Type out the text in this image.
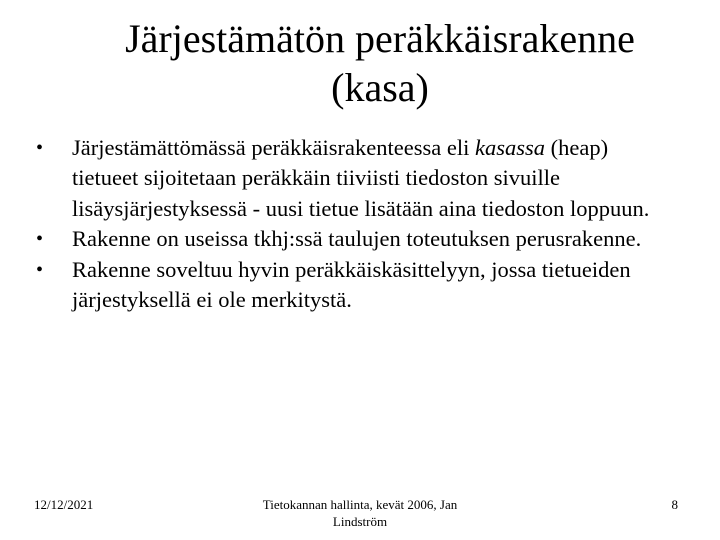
Järjestämätön peräkkäisrakenne
(kasa)
•	Järjestämättömässä peräkkäisrakenteessa eli kasassa (heap) tietueet sijoitetaan peräkkäin tiiviisti tiedoston sivuille lisäysjärjestyksessä - uusi tietue lisätään aina tiedoston loppuun.
•	Rakenne on useissa tkhj:ssä taulujen toteutuksen perusrakenne.
•	Rakenne soveltuu hyvin peräkkäiskäsittelyyn, jossa tietueiden järjestyksellä ei ole merkitystä.
12/12/2021	Tietokannan hallinta, kevät 2006, Jan
Lindström
8
